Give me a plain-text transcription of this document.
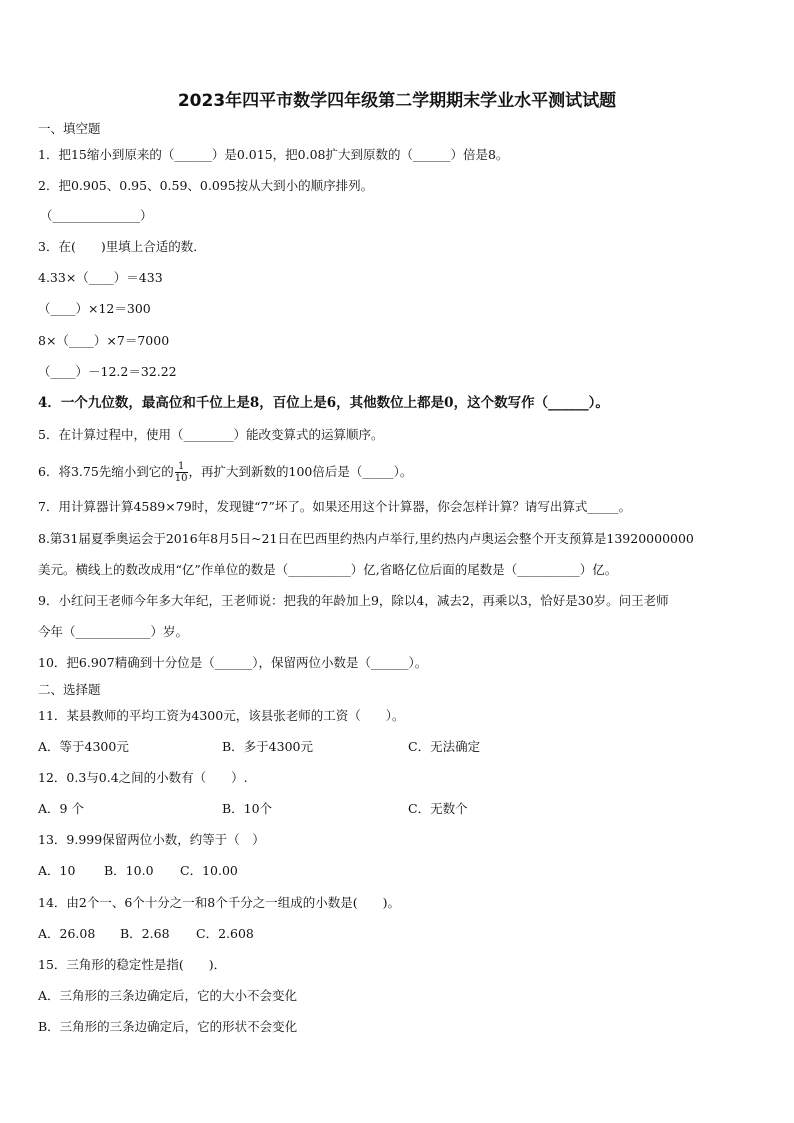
2023年四平市数学四年级第二学期期末学业水平测试试题
一、填空题
1．把15缩小到原来的（______）是0.015，把0.08扩大到原数的（______）倍是8。
2．把0.905、0.95、0.59、0.095按从大到小的顺序排列。
（______________）
3．在(　　)里填上合适的数．
4.33×（____）＝433
（____）×12＝300
8×（____）×7＝7000
（____）－12.2＝32.22
4．一个九位数，最高位和千位上是8，百位上是6，其他数位上都是0，这个数写作（______）。
5．在计算过程中，使用（________）能改变算式的运算顺序。
6．将3.75先缩小到它的 $\frac{1}{10}$ ，再扩大到新数的100倍后是（_____）。
7．用计算器计算4589×79时，发现键“7”坏了。如果还用这个计算器，你会怎样计算？请写出算式_____。
8.第31届夏季奥运会于2016年8月5日~21日在巴西里约热内卢举行,里约热内卢奥运会整个开支预算是13920000000
美元。横线上的数改成用“亿”作单位的数是（__________）亿,省略亿位后面的尾数是（__________）亿。
9．小红问王老师今年多大年纪，王老师说：把我的年龄加上9，除以4，减去2，再乘以3，恰好是30岁。问王老师
今年（____________）岁。
10．把6.907精确到十分位是（______），保留两位小数是（______）。
二、选择题
11．某县教师的平均工资为4300元，该县张老师的工资（　　）。
A．等于4300元	B．多于4300元	C．无法确定
12．0.3与0.4之间的小数有（　　）.
A．9 个	B．10个	C．无数个
13．9.999保留两位小数，约等于（　）
A．10 B．10.0 C．10.00
14．由2个一、6个十分之一和8个千分之一组成的小数是(　　)。
A．26.08 B．2.68 C．2.608
15．三角形的稳定性是指(　　)．
A．三角形的三条边确定后，它的大小不会变化
B．三角形的三条边确定后，它的形状不会变化
